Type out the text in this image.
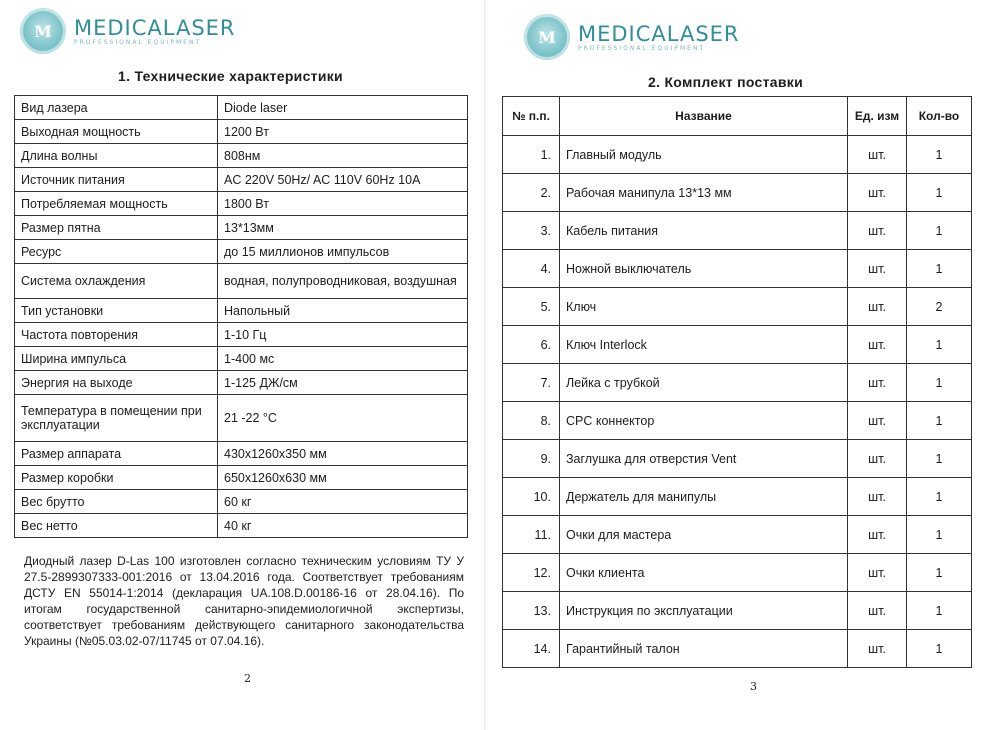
M	MEDICALASER
PROFESSIONAL EQUIPMENT
1. Технические характеристики
Вид лазера	Diode laser
Выходная мощность	1200 Вт
Длина волны	808нм
Источник питания	AC 220V 50Hz/ AC 110V 60Hz 10A
Потребляемая мощность	1800 Вт
Размер пятна	13*13мм
Ресурс	до 15 миллионов импульсов
Система охлаждения	водная, полупроводниковая, воздушная
Тип установки	Напольный
Частота повторения	1-10 Гц
Ширина импульса	1-400 мс
Энергия на выходе	1-125 ДЖ/см
Температура в помещении при эксплуатации	21 -22 °С
Размер аппарата	430x1260x350 мм
Размер коробки	650x1260x630 мм
Вес брутто	60 кг
Вес нетто	40 кг
Диодный лазер D-Las 100 изготовлен согласно техническим условиям ТУ У 27.5-2899307333-001:2016 от 13.04.2016 года. Соответствует требованиям ДСТУ EN 55014-1:2014 (декларация UA.108.D.00186-16 от 28.04.16). По итогам государственной санитарно-эпидемиологичной экспертизы, соответствует требованиям действующего санитарного законодательства Украины (№05.03.02-07/11745 от 07.04.16).
2
M	MEDICALASER
PROFESSIONAL EQUIPMENT
2. Комплект поставки
№ п.п.	Название	Ед. изм	Кол-во
1.	Главный модуль	шт.	1
2.	Рабочая манипула 13*13 мм	шт.	1
3.	Кабель питания	шт.	1
4.	Ножной выключатель	шт.	1
5.	Ключ	шт.	2
6.	Ключ Interlock	шт.	1
7.	Лейка с трубкой	шт.	1
8.	CPC коннектор	шт.	1
9.	Заглушка для отверстия Vent	шт.	1
10.	Держатель для манипулы	шт.	1
11.	Очки для мастера	шт.	1
12.	Очки клиента	шт.	1
13.	Инструкция по эксплуатации	шт.	1
14.	Гарантийный талон	шт.	1
3
